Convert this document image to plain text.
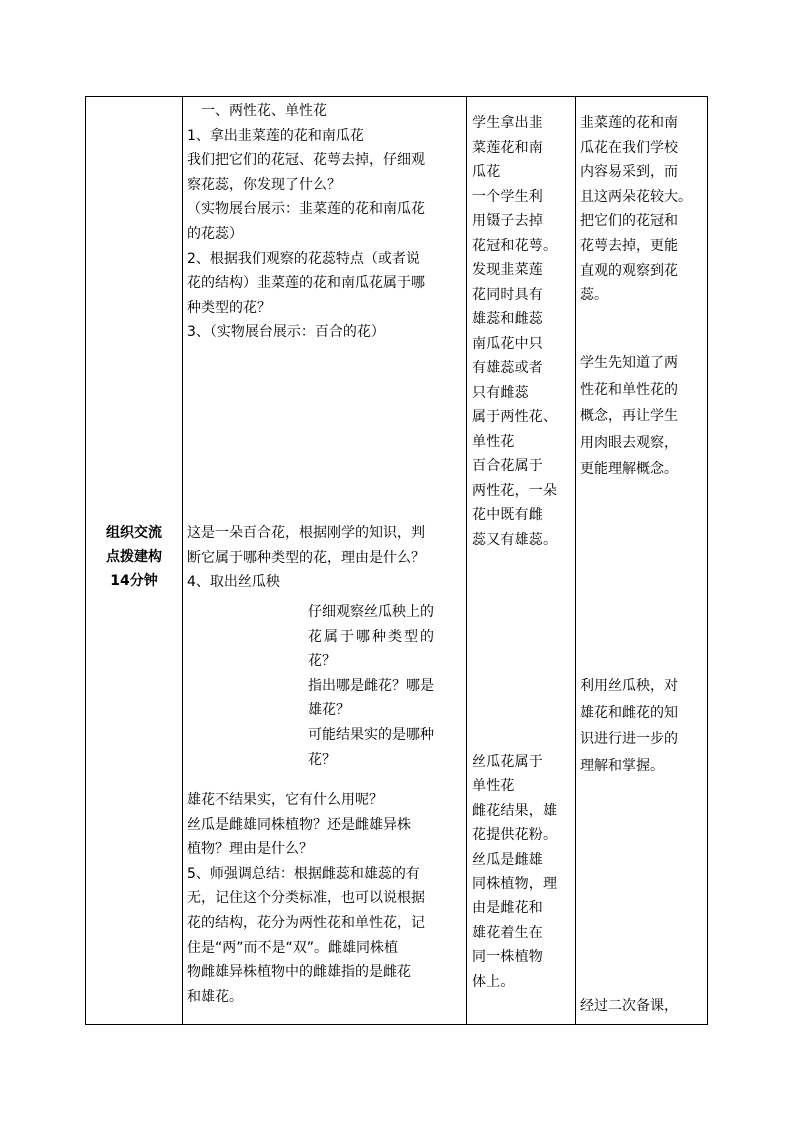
组织交流
点拨建构
14分钟
　一、两性花、单性花
1、拿出韭菜莲的花和南瓜花
我们把它们的花冠、花萼去掉，仔细观
察花蕊，你发现了什么？
（实物展台展示：韭菜莲的花和南瓜花
的花蕊）
2、根据我们观察的花蕊特点（或者说
花的结构）韭菜莲的花和南瓜花属于哪
种类型的花？
3、（实物展台展示：百合的花）
这是一朵百合花，根据刚学的知识，判
断它属于哪种类型的花，理由是什么？
4、取出丝瓜秧
仔细观察丝瓜秧上的
花属于哪种类型的
花？
指出哪是雌花？哪是
雄花？
可能结果实的是哪种
花？
雄花不结果实，它有什么用呢？
丝瓜是雌雄同株植物？还是雌雄异株
植物？理由是什么？
5、师强调总结：根据雌蕊和雄蕊的有
无，记住这个分类标准，也可以说根据
花的结构，花分为两性花和单性花，记
住是“两”而不是“双”。雌雄同株植
物雌雄异株植物中的雌雄指的是雌花
和雄花。
学生拿出韭
菜莲花和南
瓜花
一个学生利
用镊子去掉
花冠和花萼。
发现韭菜莲
花同时具有
雄蕊和雌蕊
南瓜花中只
有雄蕊或者
只有雌蕊
属于两性花、
单性花
百合花属于
两性花，一朵
花中既有雌
蕊又有雄蕊。
丝瓜花属于
单性花
雌花结果，雄
花提供花粉。
丝瓜是雌雄
同株植物，理
由是雌花和
雄花着生在
同一株植物
体上。
韭菜莲的花和南
瓜花在我们学校
内容易采到，而
且这两朵花较大。
把它们的花冠和
花萼去掉，更能
直观的观察到花
蕊。
学生先知道了两
性花和单性花的
概念，再让学生
用肉眼去观察，
更能理解概念。
利用丝瓜秧，对
雄花和雌花的知
识进行进一步的
理解和掌握。
经过二次备课，
